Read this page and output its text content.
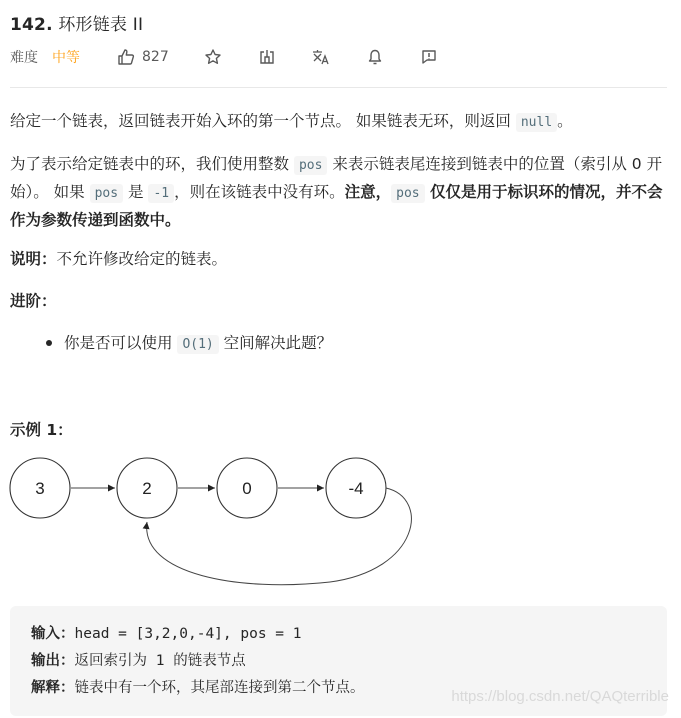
142. 环形链表 II
难度 中等	827
给定一个链表，返回链表开始入环的第一个节点。 如果链表无环，则返回 null 。
为了表示给定链表中的环，我们使用整数 pos 来表示链表尾连接到链表中的位置（索引从 0 开始）。 如果 pos 是 -1 ，则在该链表中没有环。注意， pos 仅仅是用于标识环的情况，并不会作为参数传递到函数中。
说明：不允许修改给定的链表。
进阶：
你是否可以使用 O(1) 空间解决此题？
示例 1：
3	2	0	-4
输入：head = [3,2,0,-4], pos = 1
输出：返回索引为 1 的链表节点
解释：链表中有一个环，其尾部连接到第二个节点。	https://blog.csdn.net/QAQterrible
